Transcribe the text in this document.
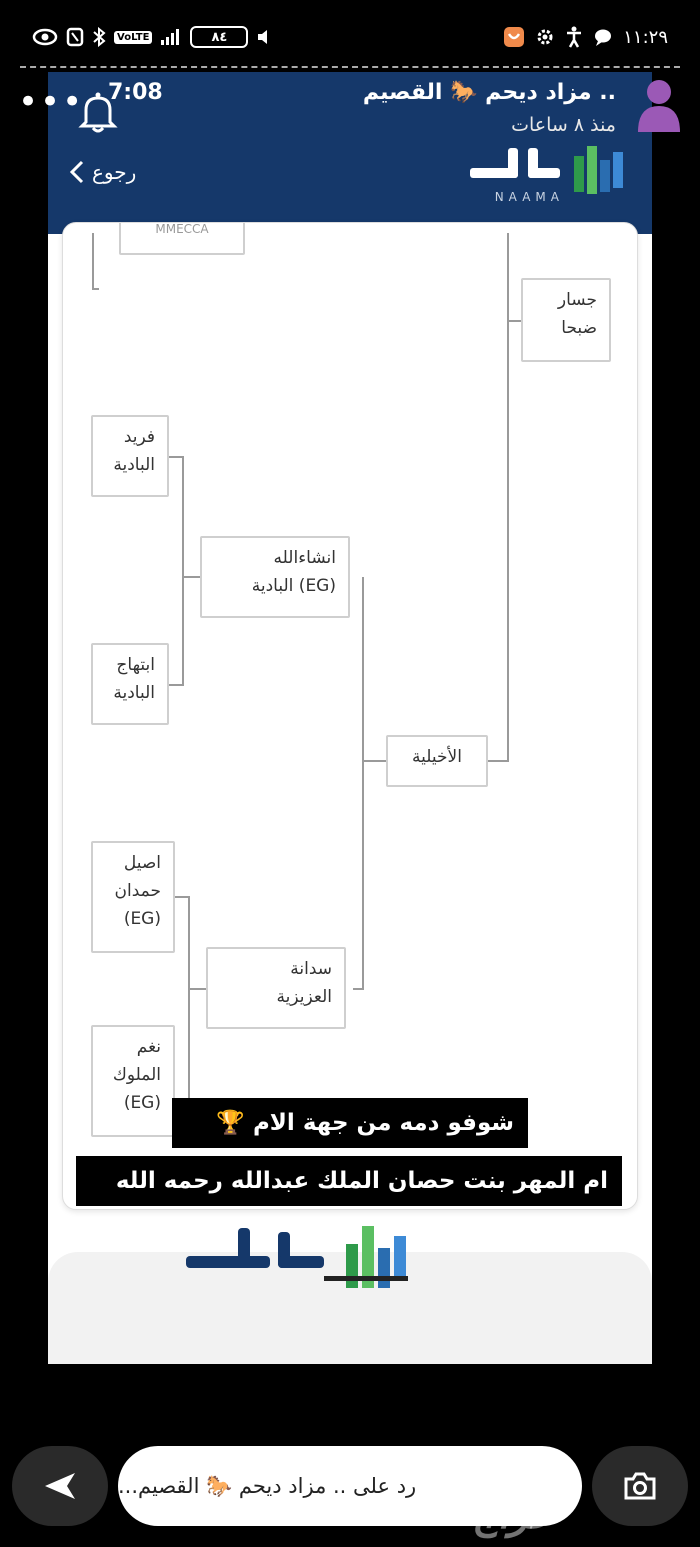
VoLTE	٨٤	١١:٢٩
7:08
رجوع
NAAMA
MMECCA
جسار
ضبحا
الأخيلية
انشاءالله
البادية (EG)
سدانة
العزيزية
فريد
البادية
ابتهاج
البادية
اصيل
حمدان
(EG)
نغم
الملوك
(EG)
شوفو دمه من جهة الام 🏆
ام المهر بنت حصان الملك عبدالله رحمه الله
•••	مزاد ديحم 🐎 القصيم ..
منذ ٨ ساعات
رد على .. مزاد ديحم 🐎 القصيم...
حراج
